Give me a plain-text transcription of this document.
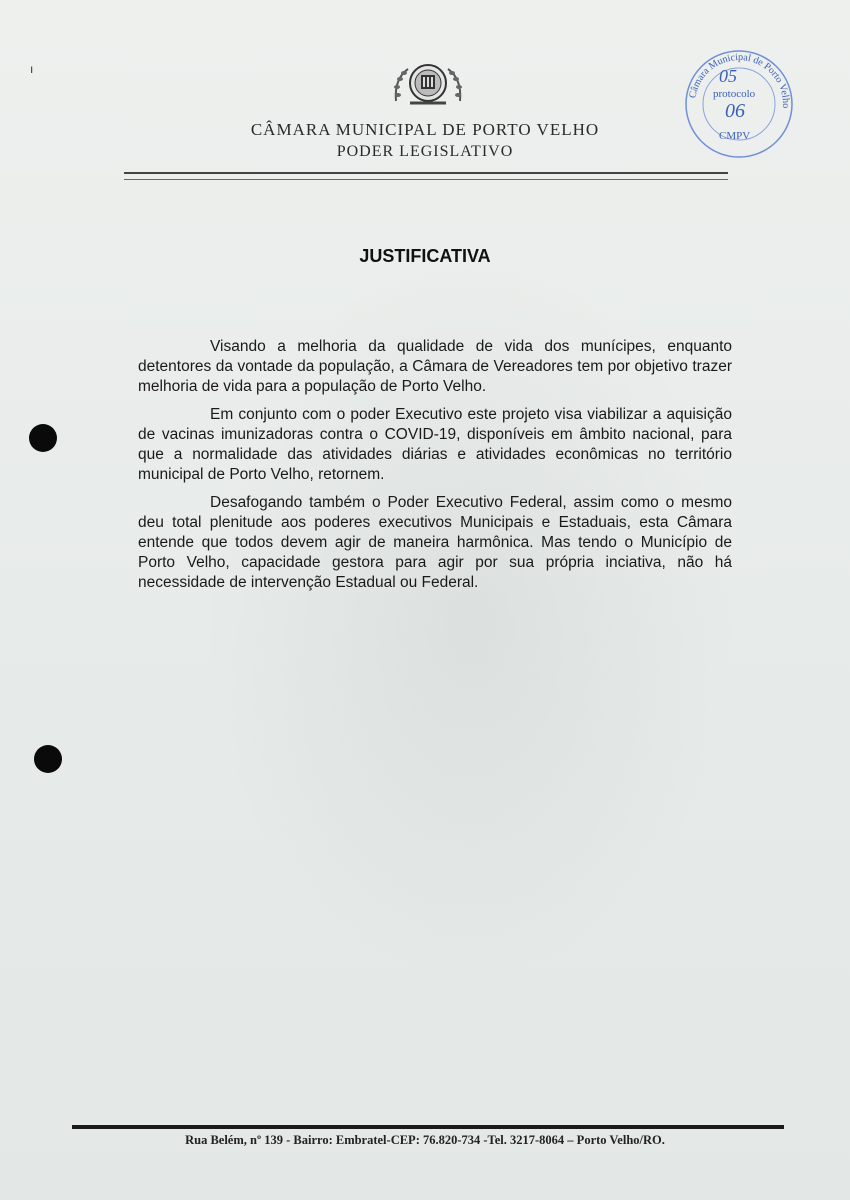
ı
CÂMARA MUNICIPAL DE PORTO VELHO
PODER LEGISLATIVO
Câmara Municipal de Porto Velho
05
protocolo
06
CMPV
JUSTIFICATIVA

Visando a melhoria da qualidade de vida dos munícipes, enquanto detentores da vontade da população, a Câmara de Vereadores tem por objetivo trazer melhoria de vida para a população de Porto Velho.

Em conjunto com o poder Executivo este projeto visa viabilizar a aquisição de vacinas imunizadoras contra o COVID-19, disponíveis em âmbito nacional, para que a normalidade das atividades diárias e atividades econômicas no território municipal de Porto Velho, retornem.

Desafogando também o Poder Executivo Federal, assim como o mesmo deu total plenitude aos poderes executivos Municipais e Estaduais, esta Câmara entende que todos devem agir de maneira harmônica. Mas tendo o Município de Porto Velho, capacidade gestora para agir por sua própria inciativa, não há necessidade de intervenção Estadual ou Federal.

Rua Belém, nº 139 - Bairro: Embratel-CEP: 76.820-734 -Tel. 3217-8064 – Porto Velho/RO.
